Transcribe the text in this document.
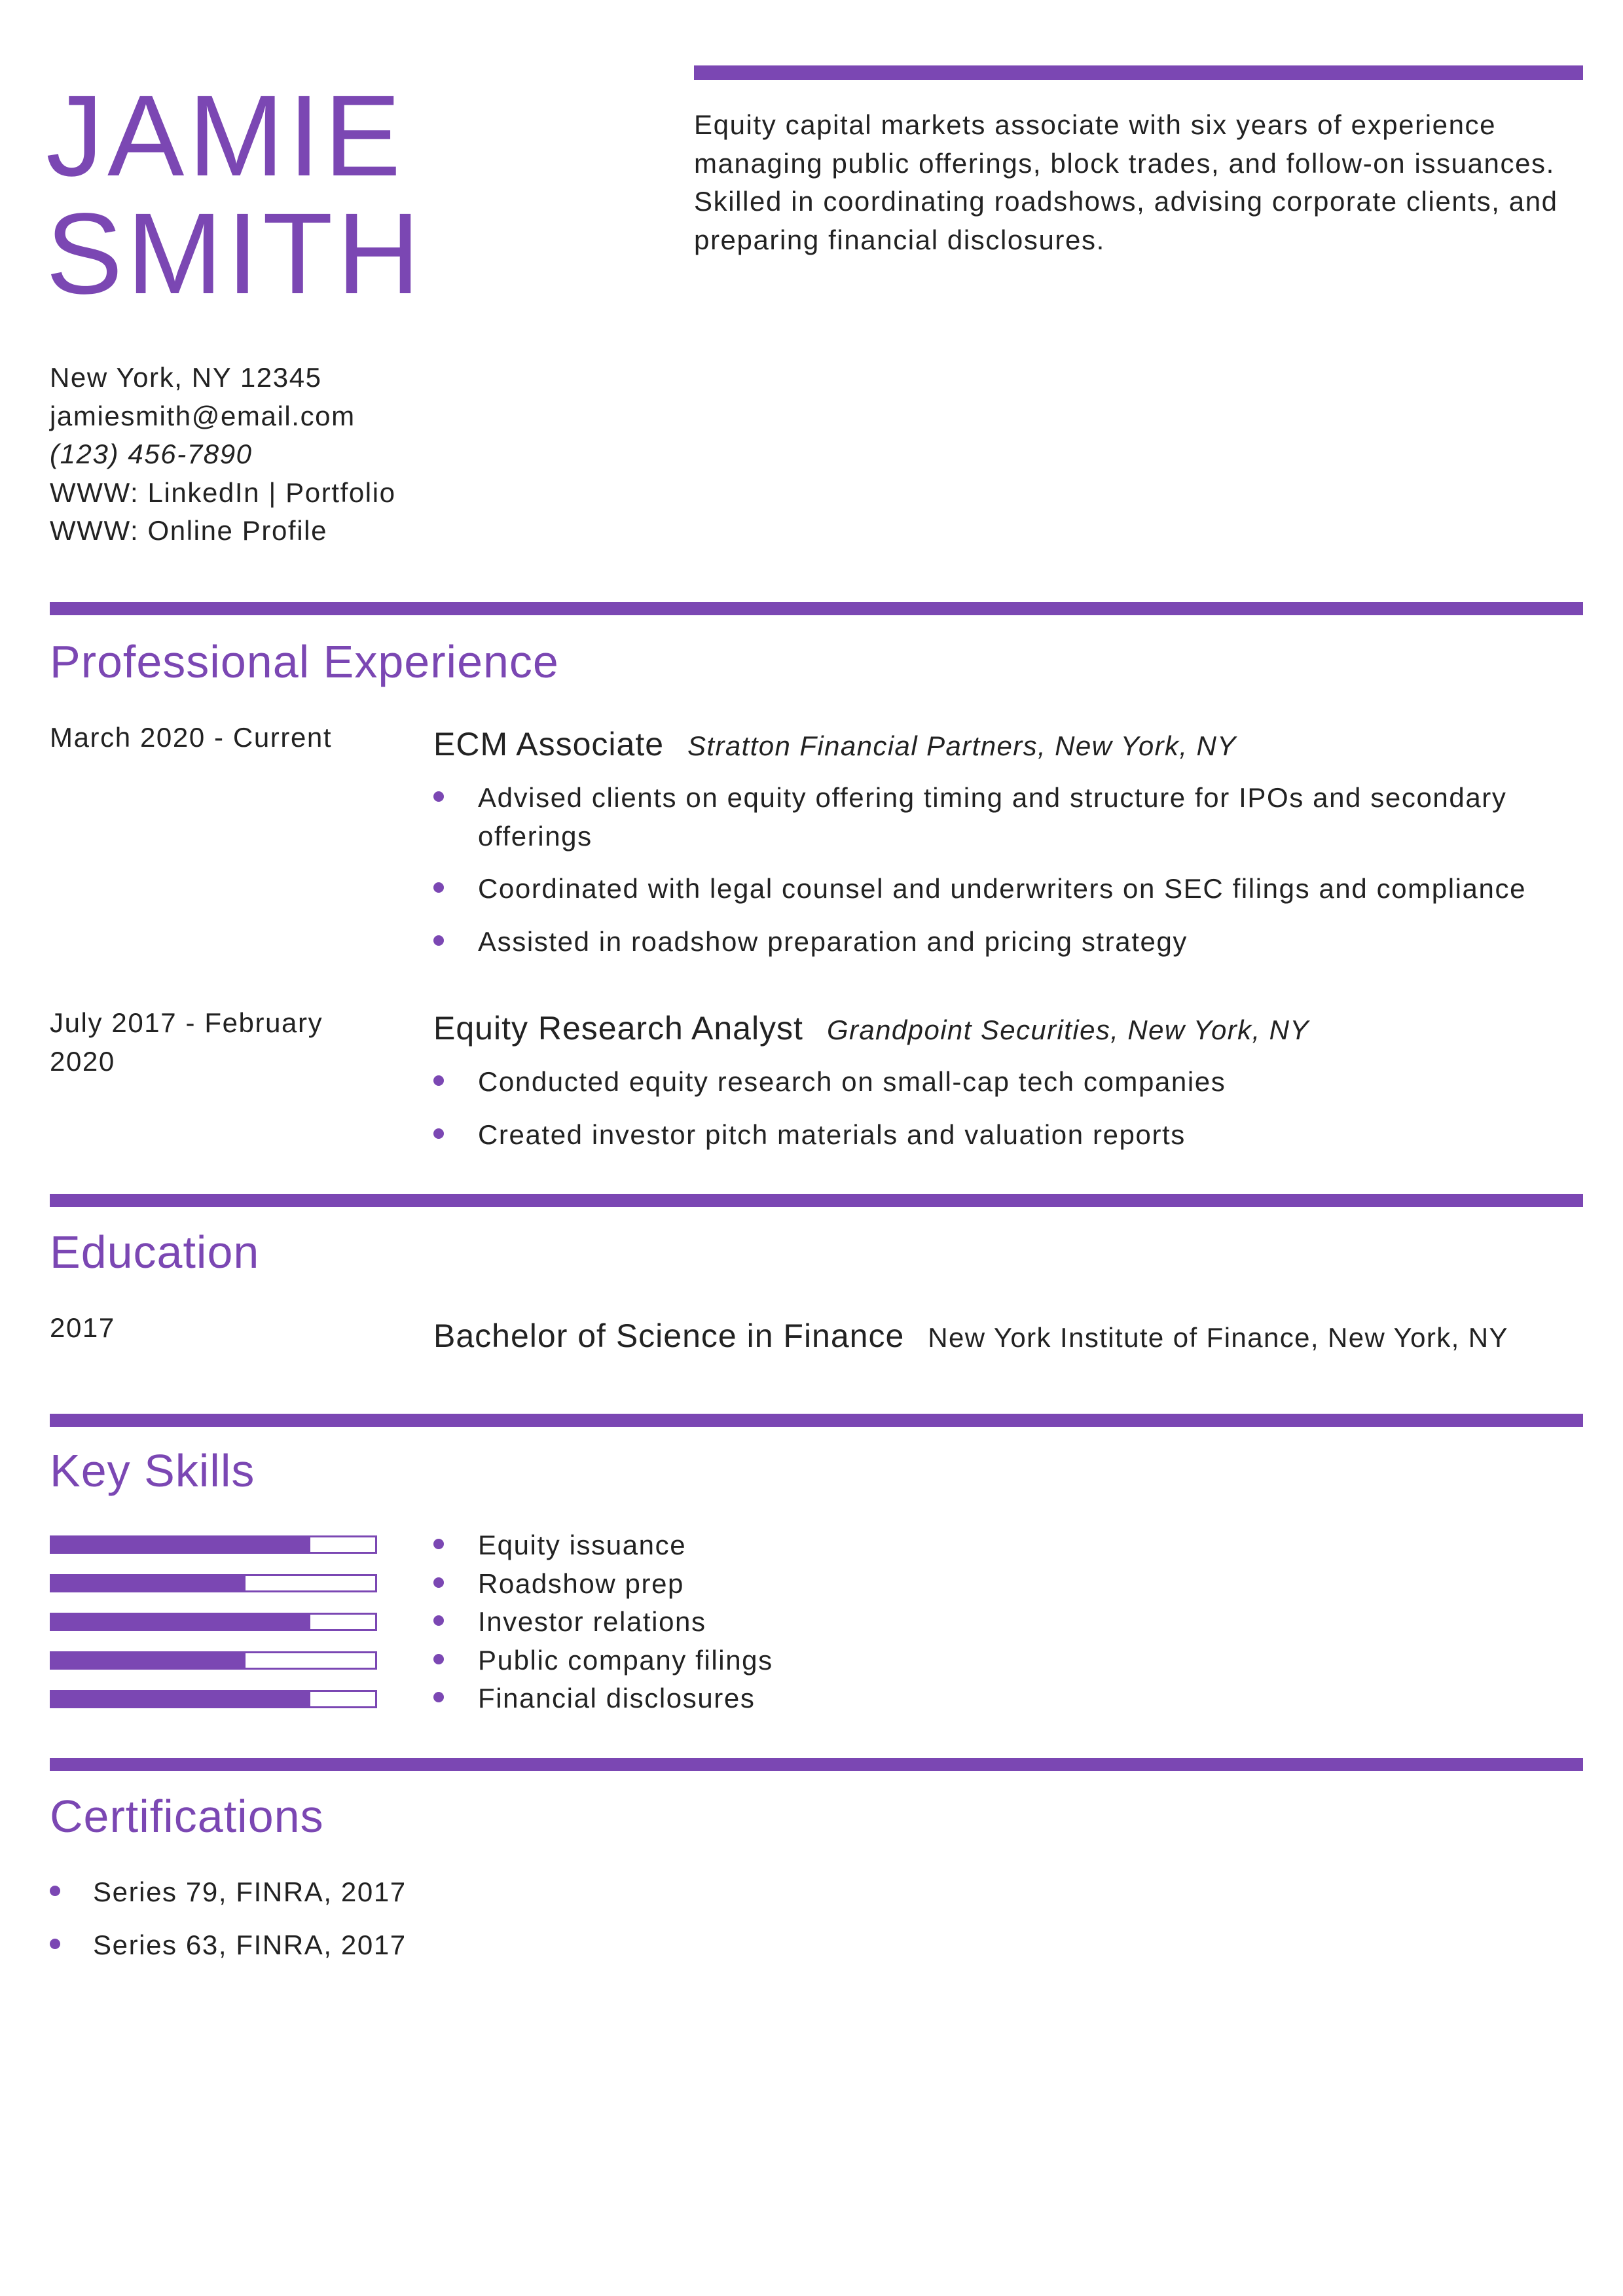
JAMIE
SMITH
Equity capital markets associate with six years of experience managing public offerings, block trades, and follow-on issuances. Skilled in coordinating roadshows, advising corporate clients, and preparing financial disclosures.
New York, NY 12345
jamiesmith@email.com
(123) 456-7890
WWW: LinkedIn | Portfolio
WWW: Online Profile
Professional Experience
March 2020 - Current	ECM Associate Stratton Financial Partners, New York, NY
Advised clients on equity offering timing and structure for IPOs and secondary offerings
Coordinated with legal counsel and underwriters on SEC filings and compliance
Assisted in roadshow preparation and pricing strategy
July 2017 - February 2020
Equity Research Analyst Grandpoint Securities, New York, NY
Conducted equity research on small-cap tech companies
Created investor pitch materials and valuation reports
Education
2017	Bachelor of Science in Finance New York Institute of Finance, New York, NY
Key Skills
Equity issuance
Roadshow prep
Investor relations
Public company filings
Financial disclosures
Certifications
Series 79, FINRA, 2017
Series 63, FINRA, 2017
